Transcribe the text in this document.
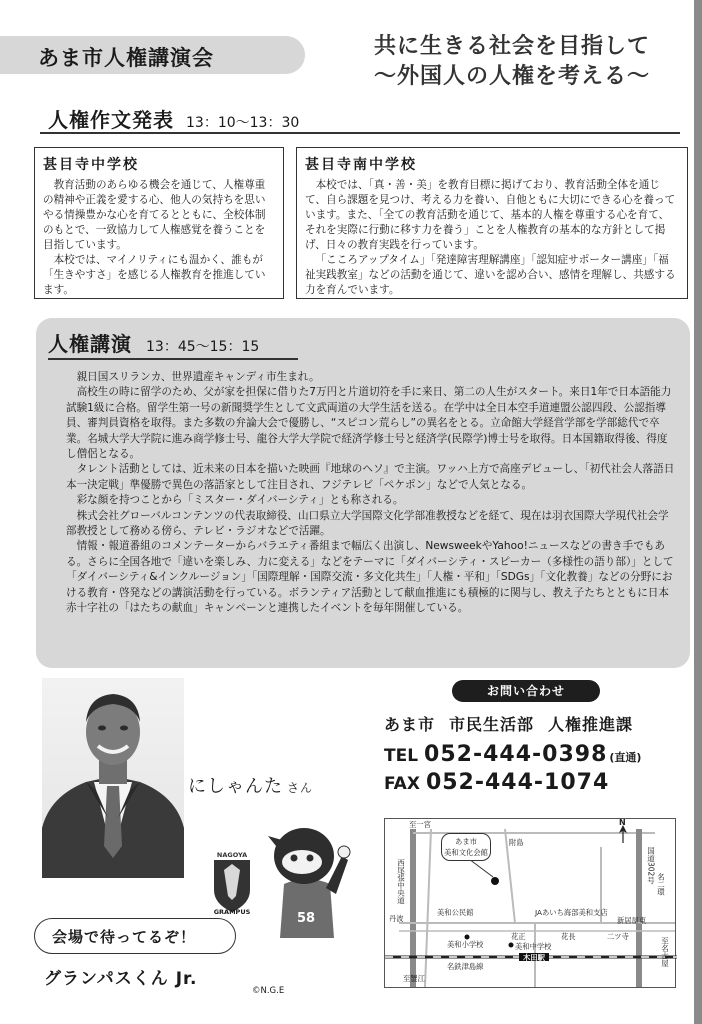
あま市人権講演会	共に生きる社会を目指して
〜外国人の人権を考える〜
人権作文発表 13：10〜13：30
甚目寺中学校

教育活動のあらゆる機会を通じて、人権尊重の精神や正義を愛する心、他人の気持ちを思いやる情操豊かな心を育てるとともに、全校体制のもとで、一致協力して人権感覚を養うことを目指しています。

本校では、マイノリティにも温かく、誰もが「生きやすさ」を感じる人権教育を推進しています。

甚目寺南中学校

本校では、「真・善・美」を教育目標に掲げており、教育活動全体を通じて、自ら課題を見つけ、考える力を養い、自他ともに大切にできる心を養っています。また、「全ての教育活動を通じて、基本的人権を尊重する心を育て、それを実際に行動に移す力を養う」ことを人権教育の基本的な方針として掲げ、日々の教育実践を行っています。

「こころアップタイム」「発達障害理解講座」「認知症サポーター講座」「福祉実践教室」などの活動を通じて、違いを認め合い、感情を理解し、共感する力を育んでいます。

人権講演 13：45〜15：15

親日国スリランカ、世界遺産キャンディ市生まれ。

高校生の時に留学のため、父が家を担保に借りた7万円と片道切符を手に来日、第二の人生がスタート。来日1年で日本語能力試験1級に合格。留学生第一号の新聞奨学生として文武両道の大学生活を送る。在学中は全日本空手道連盟公認四段、公認指導員、審判員資格を取得。また多数の弁論大会で優勝し、“スピコン荒らし”の異名をとる。立命館大学経営学部を学部総代で卒業。名城大学大学院に進み商学修士号、龍谷大学大学院で経済学修士号と経済学(民際学)博士号を取得。日本国籍取得後、得度し僧侶となる。

タレント活動としては、近未来の日本を描いた映画『地球のヘソ』で主演。ワッハ上方で高座デビューし、「初代社会人落語日本一決定戦」準優勝で異色の落語家として注目され、フジテレビ「ペケポン」などで人気となる。

彩な顔を持つことから「ミスター・ダイバーシティ」とも称される。

株式会社グローバルコンテンツの代表取締役、山口県立大学国際文化学部准教授などを経て、現在は羽衣国際大学現代社会学部教授として務める傍ら、テレビ・ラジオなどで活躍。

情報・報道番組のコメンテーターからバラエティ番組まで幅広く出演し、NewsweekやYahoo!ニュースなどの書き手でもある。さらに全国各地で「違いを楽しみ、力に変える」などをテーマに「ダイバーシティ・スピーカー（多様性の語り部）」として「ダイバーシティ&インクルージョン」「国際理解・国際交流・多文化共生」「人権・平和」「SDGs」「文化教養」などの分野における教育・啓発などの講演活動を行っている。ボランティア活動として献血推進にも積極的に関与し、教え子たちとともに日本赤十字社の「はたちの献血」キャンペーンと連携したイベントを毎年開催している。

にしゃんた さん
NAGOYA
GRAMPUS	58
会場で待ってるぞ！
グランパスくん Jr.
©N.G.E
お問い合わせ
あま市 市民生活部 人権推進課
TEL 052-444-0398 (直通)
FAX 052-444-1074
あま市
美和文化会館
N
至一宮
西尾張中央道
附島
国道302号
名二環
丹波
美和公民館	JAあいち海部美和支店
新居屋東
美和小学校
花正	花長	二ツ寺
美和中学校
木田駅
名鉄津島線
至蟹江
至名古屋
